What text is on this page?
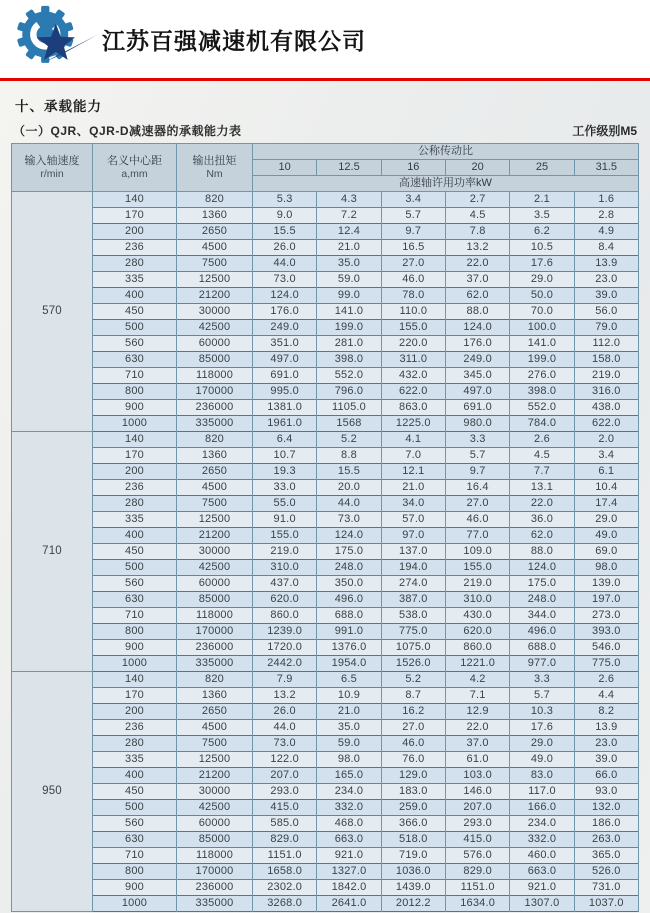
江苏百强减速机有限公司
十、承载能力
（一）QJR、QJR-D减速器的承载能力表	工作级别M5
输入轴速度
r/min

名义中心距
a,mm

输出扭矩
Nm
	公称传动比
			10	12.5	16	20	25	31.5
			高速轴许用功率kW					
570	140	820	5.3	4.3	3.4	2.7	2.1	1.6
	170	1360	9.0	7.2	5.7	4.5	3.5	2.8
	200	2650	15.5	12.4	9.7	7.8	6.2	4.9
	236	4500	26.0	21.0	16.5	13.2	10.5	8.4
	280	7500	44.0	35.0	27.0	22.0	17.6	13.9
	335	12500	73.0	59.0	46.0	37.0	29.0	23.0
	400	21200	124.0	99.0	78.0	62.0	50.0	39.0
	450	30000	176.0	141.0	110.0	88.0	70.0	56.0
	500	42500	249.0	199.0	155.0	124.0	100.0	79.0
	560	60000	351.0	281.0	220.0	176.0	141.0	112.0
	630	85000	497.0	398.0	311.0	249.0	199.0	158.0
	710	118000	691.0	552.0	432.0	345.0	276.0	219.0
	800	170000	995.0	796.0	622.0	497.0	398.0	316.0
	900	236000	1381.0	1105.0	863.0	691.0	552.0	438.0
	1000	335000	1961.0	1568	1225.0	980.0	784.0	622.0
710	140	820	6.4	5.2	4.1	3.3	2.6	2.0
	170	1360	10.7	8.8	7.0	5.7	4.5	3.4
	200	2650	19.3	15.5	12.1	9.7	7.7	6.1
	236	4500	33.0	20.0	21.0	16.4	13.1	10.4
	280	7500	55.0	44.0	34.0	27.0	22.0	17.4
	335	12500	91.0	73.0	57.0	46.0	36.0	29.0
	400	21200	155.0	124.0	97.0	77.0	62.0	49.0
	450	30000	219.0	175.0	137.0	109.0	88.0	69.0
	500	42500	310.0	248.0	194.0	155.0	124.0	98.0
	560	60000	437.0	350.0	274.0	219.0	175.0	139.0
	630	85000	620.0	496.0	387.0	310.0	248.0	197.0
	710	118000	860.0	688.0	538.0	430.0	344.0	273.0
	800	170000	1239.0	991.0	775.0	620.0	496.0	393.0
	900	236000	1720.0	1376.0	1075.0	860.0	688.0	546.0
	1000	335000	2442.0	1954.0	1526.0	1221.0	977.0	775.0
950	140	820	7.9	6.5	5.2	4.2	3.3	2.6
	170	1360	13.2	10.9	8.7	7.1	5.7	4.4
	200	2650	26.0	21.0	16.2	12.9	10.3	8.2
	236	4500	44.0	35.0	27.0	22.0	17.6	13.9
	280	7500	73.0	59.0	46.0	37.0	29.0	23.0
	335	12500	122.0	98.0	76.0	61.0	49.0	39.0
	400	21200	207.0	165.0	129.0	103.0	83.0	66.0
	450	30000	293.0	234.0	183.0	146.0	117.0	93.0
	500	42500	415.0	332.0	259.0	207.0	166.0	132.0
	560	60000	585.0	468.0	366.0	293.0	234.0	186.0
	630	85000	829.0	663.0	518.0	415.0	332.0	263.0
	710	118000	1151.0	921.0	719.0	576.0	460.0	365.0
	800	170000	1658.0	1327.0	1036.0	829.0	663.0	526.0
	900	236000	2302.0	1842.0	1439.0	1151.0	921.0	731.0
	1000	335000	3268.0	2641.0	2012.2	1634.0	1307.0	1037.0
